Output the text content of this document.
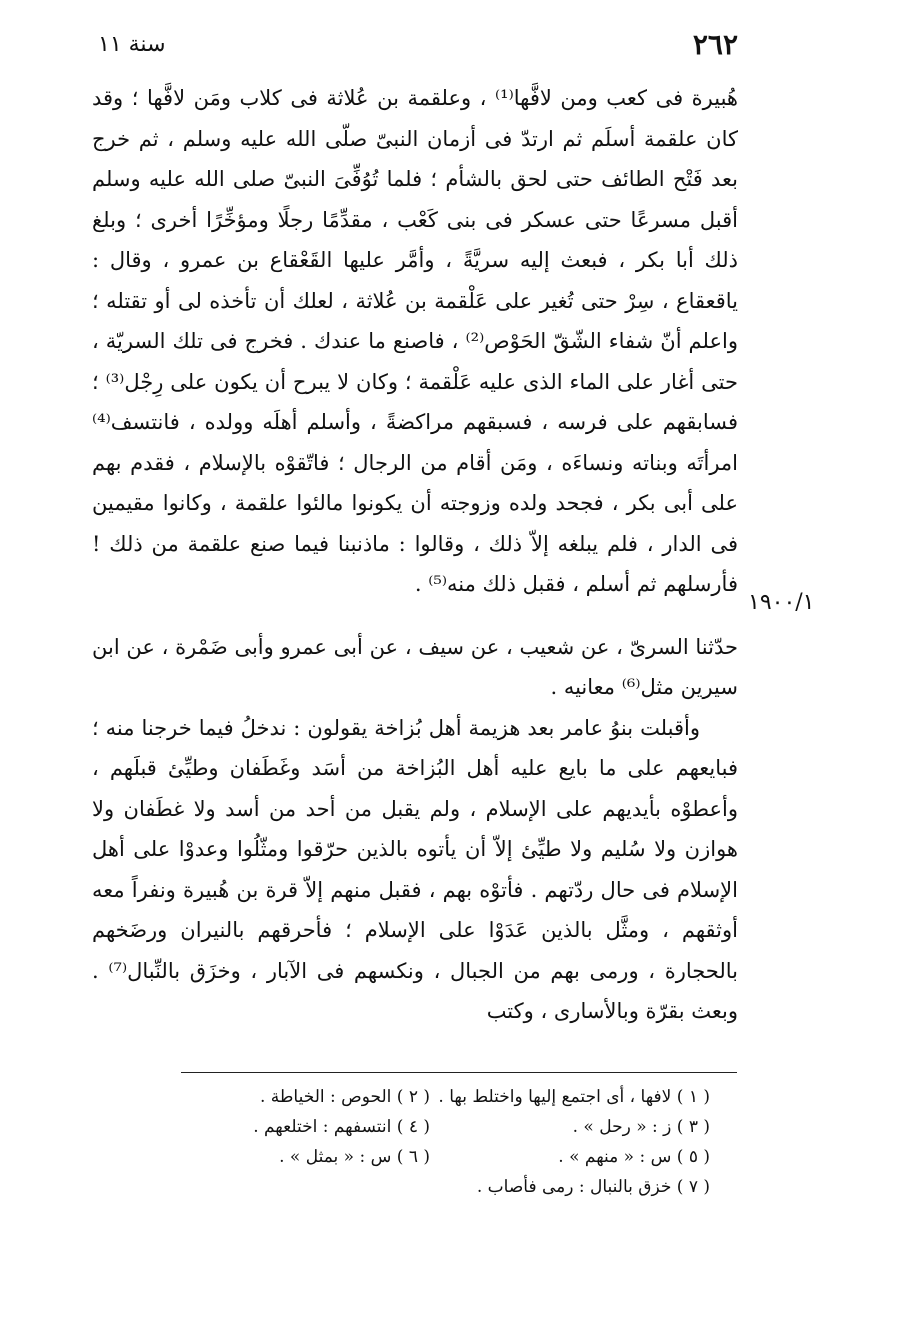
٢٦٢
سنة ١١

هُبيرة فى كعب ومن لافَّها⁽¹⁾ ، وعلقمة بن عُلاثة فى كلاب ومَن لافَّها ؛ وقد كان علقمة أسلَم ثم ارتدّ فى أزمان النبىّ صلّى الله عليه وسلم ، ثم خرج بعد فَتْح الطائف حتى لحق بالشأم ؛ فلما تُوُفِّىَ النبىّ صلى الله عليه وسلم أقبل مسرعًا حتى عسكر فى بنى كَعْب ، مقدِّمًا رجلًا ومؤخِّرًا أخرى ؛ وبلغ ذلك أبا بكر ، فبعث إليه سريَّةً ، وأمَّر عليها القَعْقاع بن عمرو ، وقال : ياقعقاع ، سِرْ حتى تُغير على عَلْقمة بن عُلاثة ، لعلك أن تأخذه لى أو تقتله ؛ واعلم أنّ شفاء الشّقّ الحَوْص⁽²⁾ ، فاصنع ما عندك . فخرج فى تلك السريّة ، حتى أغار على الماء الذى عليه عَلْقمة ؛ وكان لا يبرح أن يكون على رِجْل⁽³⁾ ؛ فسابقهم على فرسه ، فسبقهم مراكضةً ، وأسلم أهلَه وولده ، فانتسف⁽⁴⁾ امرأتَه وبناته ونساءَه ، ومَن أقام من الرجال ؛ فاتّقوْه بالإسلام ، فقدم بهم على أبى بكر ، فجحد ولده وزوجته أن يكونوا مالئوا علقمة ، وكانوا مقيمين فى الدار ، فلم يبلغه إلاّ ذلك ، وقالوا : ماذنبنا فيما صنع علقمة من ذلك ! فأرسلهم ثم أسلم ، فقبل ذلك منه⁽⁵⁾ .

حدّثنا السرىّ ، عن شعيب ، عن سيف ، عن أبى عمرو وأبى ضَمْرة ، عن ابن سيرين مثل⁽⁶⁾ معانيه .

وأقبلت بنوُ عامر بعد هزيمة أهل بُزاخة يقولون : ندخلُ فيما خرجنا منه ؛ فبايعهم على ما بايع عليه أهل البُزاخة من أسَد وغَطَفان وطيِّئ قبلَهم ، وأعطوْه بأيديهم على الإسلام ، ولم يقبل من أحد من أسد ولا غطَفان ولا هوازن ولا سُليم ولا طيِّئ إلاّ أن يأتوه بالذين حرّقوا ومثّلُوا وعدوْا على أهل الإسلام فى حال ردّتهم . فأتوْه بهم ، فقبل منهم إلاّ قرة بن هُبيرة ونفراً معه أوثقهم ، ومثَّل بالذين عَدَوْا على الإسلام ؛ فأحرقهم بالنيران ورضَخهم بالحجارة ، ورمى بهم من الجبال ، ونكسهم فى الآبار ، وخزَق بالنِّبال⁽⁷⁾ . وبعث بقرّة وبالأسارى ، وكتب

١٩٠٠/١
( ١ ) لافها ، أى اجتمع إليها واختلط بها .
( ٢ ) الحوص : الخياطة .
( ٣ ) ز : « رحل » .
( ٤ ) انتسفهم : اختلعهم .
( ٥ ) س : « منهم » .
( ٦ ) س : « بمثل » .
( ٧ ) خزق بالنبال : رمى فأصاب .
